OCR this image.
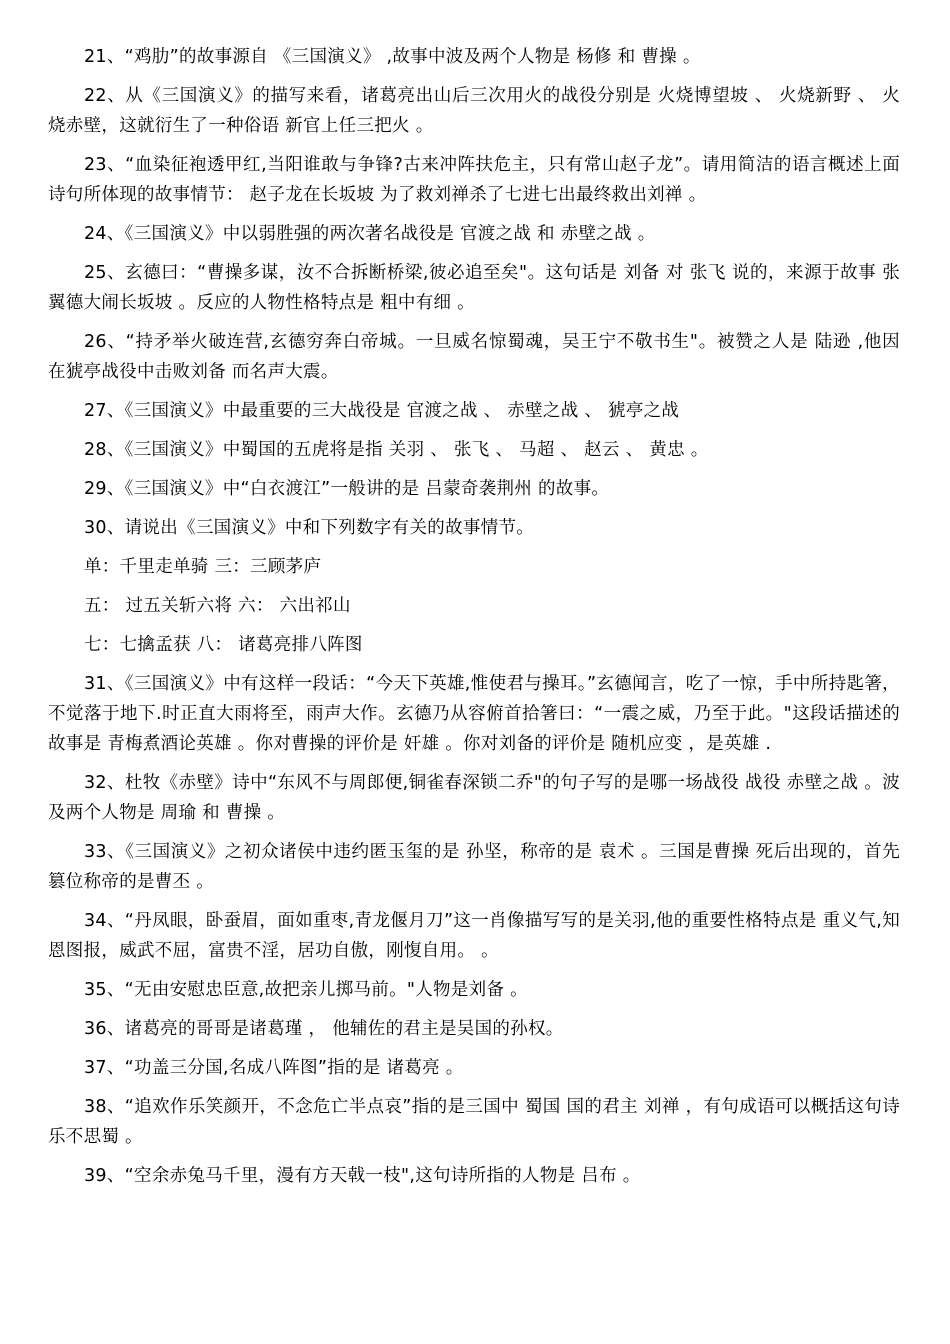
21、“鸡肋”的故事源自 《三国演义》 ,故事中波及两个人物是 杨修 和 曹操 。

22、从《三国演义》的描写来看，诸葛亮出山后三次用火的战役分别是 火烧博望坡 、 火烧新野 、 火烧赤壁，这就衍生了一种俗语 新官上任三把火 。

23、“血染征袍透甲红,当阳谁敢与争锋?古来冲阵扶危主，只有常山赵子龙”。请用简洁的语言概述上面诗句所体现的故事情节： 赵子龙在长坂坡 为了救刘禅杀了七进七出最终救出刘禅 。

24、《三国演义》中以弱胜强的两次著名战役是 官渡之战 和 赤壁之战 。

25、玄德曰：“曹操多谋，汝不合拆断桥梁,彼必追至矣"。这句话是 刘备 对 张飞 说的，来源于故事 张翼德大闹长坂坡 。反应的人物性格特点是 粗中有细 。

26、“持矛举火破连营,玄德穷奔白帝城。一旦威名惊蜀魂，吴王宁不敬书生"。被赞之人是 陆逊 ,他因 在猇亭战役中击败刘备 而名声大震。

27、《三国演义》中最重要的三大战役是 官渡之战 、 赤壁之战 、 猇亭之战

28、《三国演义》中蜀国的五虎将是指 关羽 、 张飞 、 马超 、 赵云 、 黄忠 。

29、《三国演义》中“白衣渡江”一般讲的是 吕蒙奇袭荆州 的故事。

30、请说出《三国演义》中和下列数字有关的故事情节。

单：千里走单骑 三：三顾茅庐

五： 过五关斩六将 六： 六出祁山

七：七擒孟获 八： 诸葛亮排八阵图

31、《三国演义》中有这样一段话：“今天下英雄,惟使君与操耳。”玄德闻言，吃了一惊，手中所持匙箸，不觉落于地下.时正直大雨将至，雨声大作。玄德乃从容俯首拾箸曰：“一震之威，乃至于此。"这段话描述的故事是 青梅煮酒论英雄 。你对曹操的评价是 奸雄 。你对刘备的评价是 随机应变 ，是英雄 .

32、杜牧《赤壁》诗中“东风不与周郎便,铜雀春深锁二乔"的句子写的是哪一场战役 战役 赤壁之战 。波及两个人物是 周瑜 和 曹操 。

33、《三国演义》之初众诸侯中违约匿玉玺的是 孙坚，称帝的是 袁术 。三国是曹操 死后出现的，首先篡位称帝的是曹丕 。

34、“丹凤眼，卧蚕眉，面如重枣,青龙偃月刀”这一肖像描写写的是关羽,他的重要性格特点是 重义气,知恩图报，威武不屈，富贵不淫，居功自傲，刚愎自用。 。

35、“无由安慰忠臣意,故把亲儿掷马前。"人物是刘备 。

36、诸葛亮的哥哥是诸葛瑾 ， 他辅佐的君主是吴国的孙权。

37、“功盖三分国,名成八阵图”指的是 诸葛亮 。

38、“追欢作乐笑颜开，不念危亡半点哀”指的是三国中 蜀国 国的君主 刘禅 ，有句成语可以概括这句诗 乐不思蜀 。

39、“空余赤兔马千里，漫有方天戟一枝",这句诗所指的人物是 吕布 。
